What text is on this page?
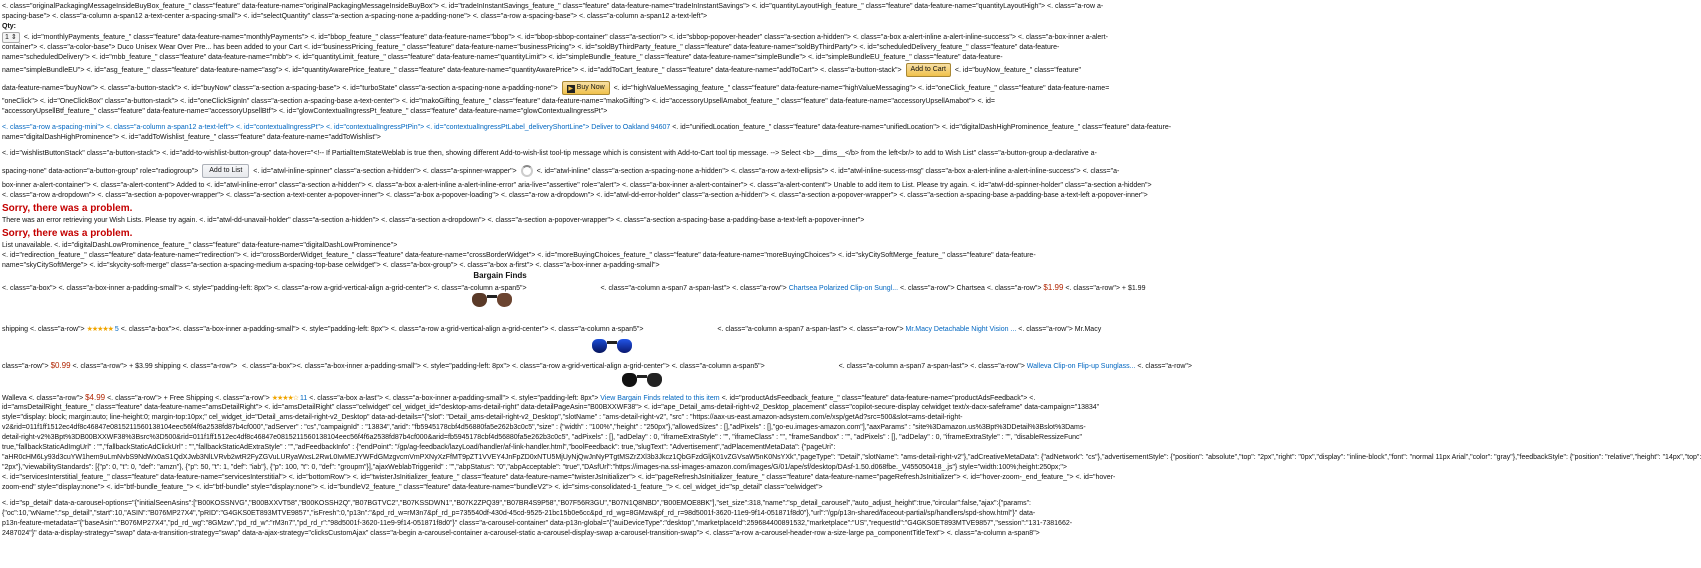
<. class="originalPackagingMessageInsideBuyBox_feature_" class="feature" data-feature-name="originalPackagingMessageInsideBuyBox"> <. id="tradeInInstantSavings_feature_" class="feature" data-feature-name="tradeInInstantSavings"> <. id="quantityLayoutHigh_feature_" class="feature" data-feature-name="quantityLayoutHigh"> <. class="a-row a-
spacing-base"> <. class="a-column a-span12 a-text-center a-spacing-small"> <. id="selectQuantity" class="a-section a-spacing-none a-padding-none"> <. class="a-row a-spacing-base"> <. class="a-column a-span12 a-text-left">
Qty:
1 ⇕ <. id="monthlyPayments_feature_" class="feature" data-feature-name="monthlyPayments"> <. id="bbop_feature_" class="feature" data-feature-name="bbop"> <. id="bbop-sbbop-container" class="a-section"> <. id="sbbop-popover-header" class="a-section a-hidden"> <. class="a-box a-alert-inline a-alert-inline-success"> <. class="a-box-inner a-alert-
container"> <. class="a-color-base"> Duco Unisex Wear Over Pre... has been added to your Cart <. id="businessPricing_feature_" class="feature" data-feature-name="businessPricing"> <. id="soldByThirdParty_feature_" class="feature" data-feature-name="soldByThirdParty"> <. id="scheduledDelivery_feature_" class="feature" data-feature-
name="scheduledDelivery"> <. id="mbb_feature_" class="feature" data-feature-name="mbb"> <. id="quantityLimit_feature_" class="feature" data-feature-name="quantityLimit"> <. id="simpleBundle_feature_" class="feature" data-feature-name="simpleBundle"> <. id="simpleBundleEU_feature_" class="feature" data-feature-
name="simpleBundleEU"> <. id="asg_feature_" class="feature" data-feature-name="asg"> <. id="quantityAwarePrice_feature_" class="feature" data-feature-name="quantityAwarePrice"> <. id="addToCart_feature_" class="feature" data-feature-name="addToCart"> <. class="a-button-stack"> Add to Cart <. id="buyNow_feature_" class="feature"
data-feature-name="buyNow"> <. class="a-button-stack"> <. id="buyNow" class="a-section a-spacing-base"> <. id="turboState" class="a-section a-spacing-none a-padding-none"> ▶ Buy Now <. id="highValueMessaging_feature_" class="feature" data-feature-name="highValueMessaging"> <. id="oneClick_feature_" class="feature" data-feature-name=
"oneClick"> <. id="OneClickBox" class="a-button-stack"> <. id="oneClickSignIn" class="a-section a-spacing-base a-text-center"> <. id="makoGifting_feature_" class="feature" data-feature-name="makoGifting"> <. id="accessoryUpsellAmabot_feature_" class="feature" data-feature-name="accessoryUpsellAmabot"> <. id=
"accessoryUpsellBtf_feature_" class="feature" data-feature-name="accessoryUpsellBtf"> <. id="glowContextualIngressPt_feature_" class="feature" data-feature-name="glowContextualIngressPt">
<. class="a-row a-spacing-mini"> <. class="a-column a-span12 a-text-left"> <. id="contextualIngressPt"> <. id="contextualIngressPtPin"> <. id="contextualIngressPtLabel_deliveryShortLine"> Deliver to Oakland 94607 <. id="unifiedLocation_feature_" class="feature" data-feature-name="unifiedLocation"> <. id="digitalDashHighProminence_feature_" class="feature" data-feature-
name="digitalDashHighProminence"> <. id="addToWishlist_feature_" class="feature" data-feature-name="addToWishlist">
<. id="wishlistButtonStack" class="a-button-stack"> <. id="add-to-wishlist-button-group" data-hover="<!-- If PartialItemStateWeblab is true then, showing different Add-to-wish-list tool-tip message which is consistent with Add-to-Cart tool tip message. --> Select <b>__dims__</b> from the left<br/> to add to Wish List" class="a-button-group a-declarative a-
spacing-none" data-action="a-button-group" role="radiogroup"> Add to List <. id="atwl-inline-spinner" class="a-section a-hidden"> <. class="a-spinner-wrapper">	<. id="atwl-inline" class="a-section a-spacing-none a-hidden"> <. class="a-row a-text-ellipsis"> <. id="atwl-inline-sucess-msg" class="a-box a-alert-inline a-alert-inline-success"> <. class="a-
box-inner a-alert-container"> <. class="a-alert-content"> Added to <. id="atwl-inline-error" class="a-section a-hidden"> <. class="a-box a-alert-inline a-alert-inline-error" aria-live="assertive" role="alert"> <. class="a-box-inner a-alert-container"> <. class="a-alert-content"> Unable to add item to List. Please try again. <. id="atwl-dd-spinner-holder" class="a-section a-hidden">
<. class="a-row a-dropdown"> <. class="a-section a-popover-wrapper"> <. class="a-section a-text-center a-popover-inner"> <. class="a-box a-popover-loading"> <. class="a-row a-dropdown"> <. id="atwl-dd-error-holder" class="a-section a-hidden"> <. class="a-section a-popover-wrapper"> <. class="a-section a-spacing-base a-padding-base a-text-left a-popover-inner">
Sorry, there was a problem.
There was an error retrieving your Wish Lists. Please try again. <. id="atwl-dd-unavail-holder" class="a-section a-hidden"> <. class="a-section a-dropdown"> <. class="a-section a-popover-wrapper"> <. class="a-section a-spacing-base a-padding-base a-text-left a-popover-inner">
Sorry, there was a problem.
List unavailable. <. id="digitalDashLowProminence_feature_" class="feature" data-feature-name="digitalDashLowProminence">
<. id="redirection_feature_" class="feature" data-feature-name="redirection"> <. id="crossBorderWidget_feature_" class="feature" data-feature-name="crossBorderWidget"> <. id="moreBuyingChoices_feature_" class="feature" data-feature-name="moreBuyingChoices"> <. id="skyCitySoftMerge_feature_" class="feature" data-feature-
name="skyCitySoftMerge"> <. id="skycity-soft-merge" class="a-section a-spacing-medium a-spacing-top-base celwidget"> <. class="a-box-group"> <. class="a-box a-first"> <. class="a-box-inner a-padding-small">
Bargain Finds
<. class="a-box"> <. class="a-box-inner a-padding-small"> <. style="padding-left: 8px"> <. class="a-row a-grid-vertical-align a-grid-center"> <. class="a-column a-span5">	<. class="a-column a-span7 a-span-last"> <. class="a-row"> Chartsea Polarized Clip-on Sungl... <. class="a-row"> Chartsea <. class="a-row"> $1.99 <. class="a-row"> + $1.99
shipping <. class="a-row"> ★★★★★ 5 <. class="a-box"><. class="a-box-inner a-padding-small"> <. style="padding-left: 8px"> <. class="a-row a-grid-vertical-align a-grid-center"> <. class="a-column a-span5">	<. class="a-column a-span7 a-span-last"> <. class="a-row"> Mr.Macy Detachable Night Vision ... <. class="a-row"> Mr.Macy
class="a-row"> $0.99 <. class="a-row"> + $3.99 shipping <. class="a-row"> <. class="a-box"><. class="a-box-inner a-padding-small"> <. style="padding-left: 8px"> <. class="a-row a-grid-vertical-align a-grid-center"> <. class="a-column a-span5">	<. class="a-column a-span7 a-span-last"> <. class="a-row"> Walleva Clip-on Flip-up Sunglass... <. class="a-row">
Walleva <. class="a-row"> $4.99 <. class="a-row"> + Free Shipping <. class="a-row"> ★★★★☆ 11 <. class="a-box a-last"> <. class="a-box-inner a-padding-small"> <. style="padding-left: 8px"> View Bargain Finds related to this item <. id="productAdsFeedback_feature_" class="feature" data-feature-name="productAdsFeedback"> <.
id="amsDetailRight_feature_" class="feature" data-feature-name="amsDetailRight"> <. id="amsDetailRight" class="celwidget" cel_widget_id="desktop-ams-detail-right" data-detailPageAsin="B00BXXWF38"> <. id="ape_Detail_ams-detail-right-v2_Desktop_placement" class="copilot-secure-display celwidget text/x-dacx-safeframe" data-campaign="13834"
style="display: block; margin:auto; line-height:0; margin-top:10px;" cel_widget_id="Detail_ams-detail-right-v2_Desktop" data-ad-details="{"slot": "Detail_ams-detail-right-v2_Desktop","slotName" : "ams-detail-right-v2", "src" : "https://aax-us-east.amazon-adsystem.com/e/xsp/getAd?src=500&slot=ams-detail-right-
v2&rid=011f1ff1512ec4df8c46847e0815211560138104eec56f4f6a2538fd87b4cf000","adServer" : "cs","campaignId" : "13834","arid": "fb5945178cbf4d56880fa5e262b3c0c5","size" : {"width" : "100%","height" : "250px"},"allowedSizes" : [],"adPixels" : [],"go-eu.images-amazon.com"],"aaxParams" : "site%3Damazon.us%3Bpt%3DDetail%3Bslot%3Dams-
detail-right-v2%3Bpt%3DB00BXXWF38%3Bsrc%3D500&rid=011f1ff1512ec4df8c46847e0815211560138104eec56f4f6a2538fd87b4cf000&arid=fb5945178cbf4d56880fa5e262b3c0c5", "adPixels" : [], "adDelay" : 0, "iframeExtraStyle" : "", "iframeClass" : "", "frameSandbox" : "", "adPixels" : [], "adDelay" : 0, "iframeExtraStyle" : "", "disableRessizeFunc"
true,"fallbackStaticAdImgUrl" : "","fallbackStaticAdClickUrl" : "","fallbackStaticAdExtraStyle" : "","adFeedbackInfo" : {"endPoint": "/gp/ag-feedback/lazyLoad/handler/af-link-handler.html","boolFeedback": true,"slugText": "Advertisement","adPlacementMetaData": {"pageUri":
"aHR0cHM6Ly93d3cuYW1hem9uLmNvbS9NdWx0aS1QdXJwb3NlLVRvb2wtR2FyZGVuLURyaWxsL2RwL0IwMEJYWFdGMzgvcmVmPXNyXzFfMT9pZT1VVEY4JnFpZD0xNTU5MjUyNjQwJnNyPTgtMSZrZXl3b3Jkcz1QbGFzdGljK01vZGVsaW5nK0NsYXk","pageType": "Detail","slotName": "ams-detail-right-v2"},"adCreativeMetaData": {"adNetwork": "cs"},"advertisementStyle": {"position": "absolute","top": "2px","right": "0px","display": "inline-block","font": "normal 11px Arial","color": "gray"},"feedbackStyle": {"position": "relative","height": "14px","top":
"2px"},"viewabilityStandards": [{"p": 0, "t": 0, "def": "amzn"}, {"p": 50, "t": 1, "def": "iab"}, {"p": 100, "t": 0, "def": "groupm"}],"ajaxWeblabTriggeriId" : "","abpStatus": "0","abpAcceptable": "true","DAsfUrl":"https://images-na.ssl-images-amazon.com/images/G/01/ape/sf/desktop/DAsf-1.50.d068fbe._V455050418_.js"} style="width:100%;height:250px;">
<. id="servicesInterstitial_feature_" class="feature" data-feature-name="servicesInterstitial"> <. id="bottomRow"> <. id="twisterJsInitializer_feature_" class="feature" data-feature-name="twisterJsInitializer"> <. id="pageRefreshJsInitializer_feature_" class="feature" data-feature-name="pageRefreshJsInitializer"> <. id="hover-zoom-_end_feature_"> <. id="hover-
zoom-end" style="display:none"> <. id="btf-bundle_feature_"> <. id="btf-bundle" style="display:none"> <. id="bundleV2_feature_" class="feature" data-feature-name="bundleV2"> <. id="sims-consolidated-1_feature_"> <. cel_widget_id="sp_detail" class="celwidget">
<. id="sp_detail" data-a-carousel-options="{"initialSeenAsins":["B00KOSSNVG","B00BXXVT58","B00KOSSH2Q","B07BGTVC2","B07KSSDWN1","B07K2ZPQ39","B07BR4S9P58","B07F56R3GU","B07N1Q8NBD","B00EMOE8BK"],"set_size":318,"name":"sp_detail_carousel","auto_adjust_height":true,"circular":false,"ajax":{"params":
{"oc":10,"wName":"sp_detail","start":10,"ASIN":"B076MP27X4","pRID":"G4GKS0ET893MTVE9857","isFresh":0,"p13n":"&pd_rd_w=rM3n7&pf_rd_p=735540df-430d-45cd-9525-21bc15b0e6cc&pd_rd_wg=8GMzw&pf_rd_r=98d5001f-3620-11e9-9f14-051871f8d0"},"url":"/gp/p13n-shared/faceout-partial/sp/handlers/spd-show.html"}" data-
p13n-feature-metadata="{"baseAsin":"B076MP27X4","pd_rd_wg":"8GMzw","pd_rd_w":"rM3n7","pd_rd_r":"98d5001f-3620-11e9-9f14-051871f8d0"}" class="a-carousel-container" data-p13n-global="{"auiDeviceType":"desktop","marketplaceId":259684400891532,"marketplace":"US","requestId":"G4GKS0ET893MTVE9857","session":"131-7381662-
2487024"}" data-a-display-strategy="swap" data-a-transition-strategy="swap" data-a-ajax-strategy="clicksCustomAjax" class="a-begin a-carousel-container a-carousel-static a-carousel-display-swap a-carousel-transition-swap"> <. class="a-row a-carousel-header-row a-size-large pa_componentTitleText"> <. class="a-column a-span8">
